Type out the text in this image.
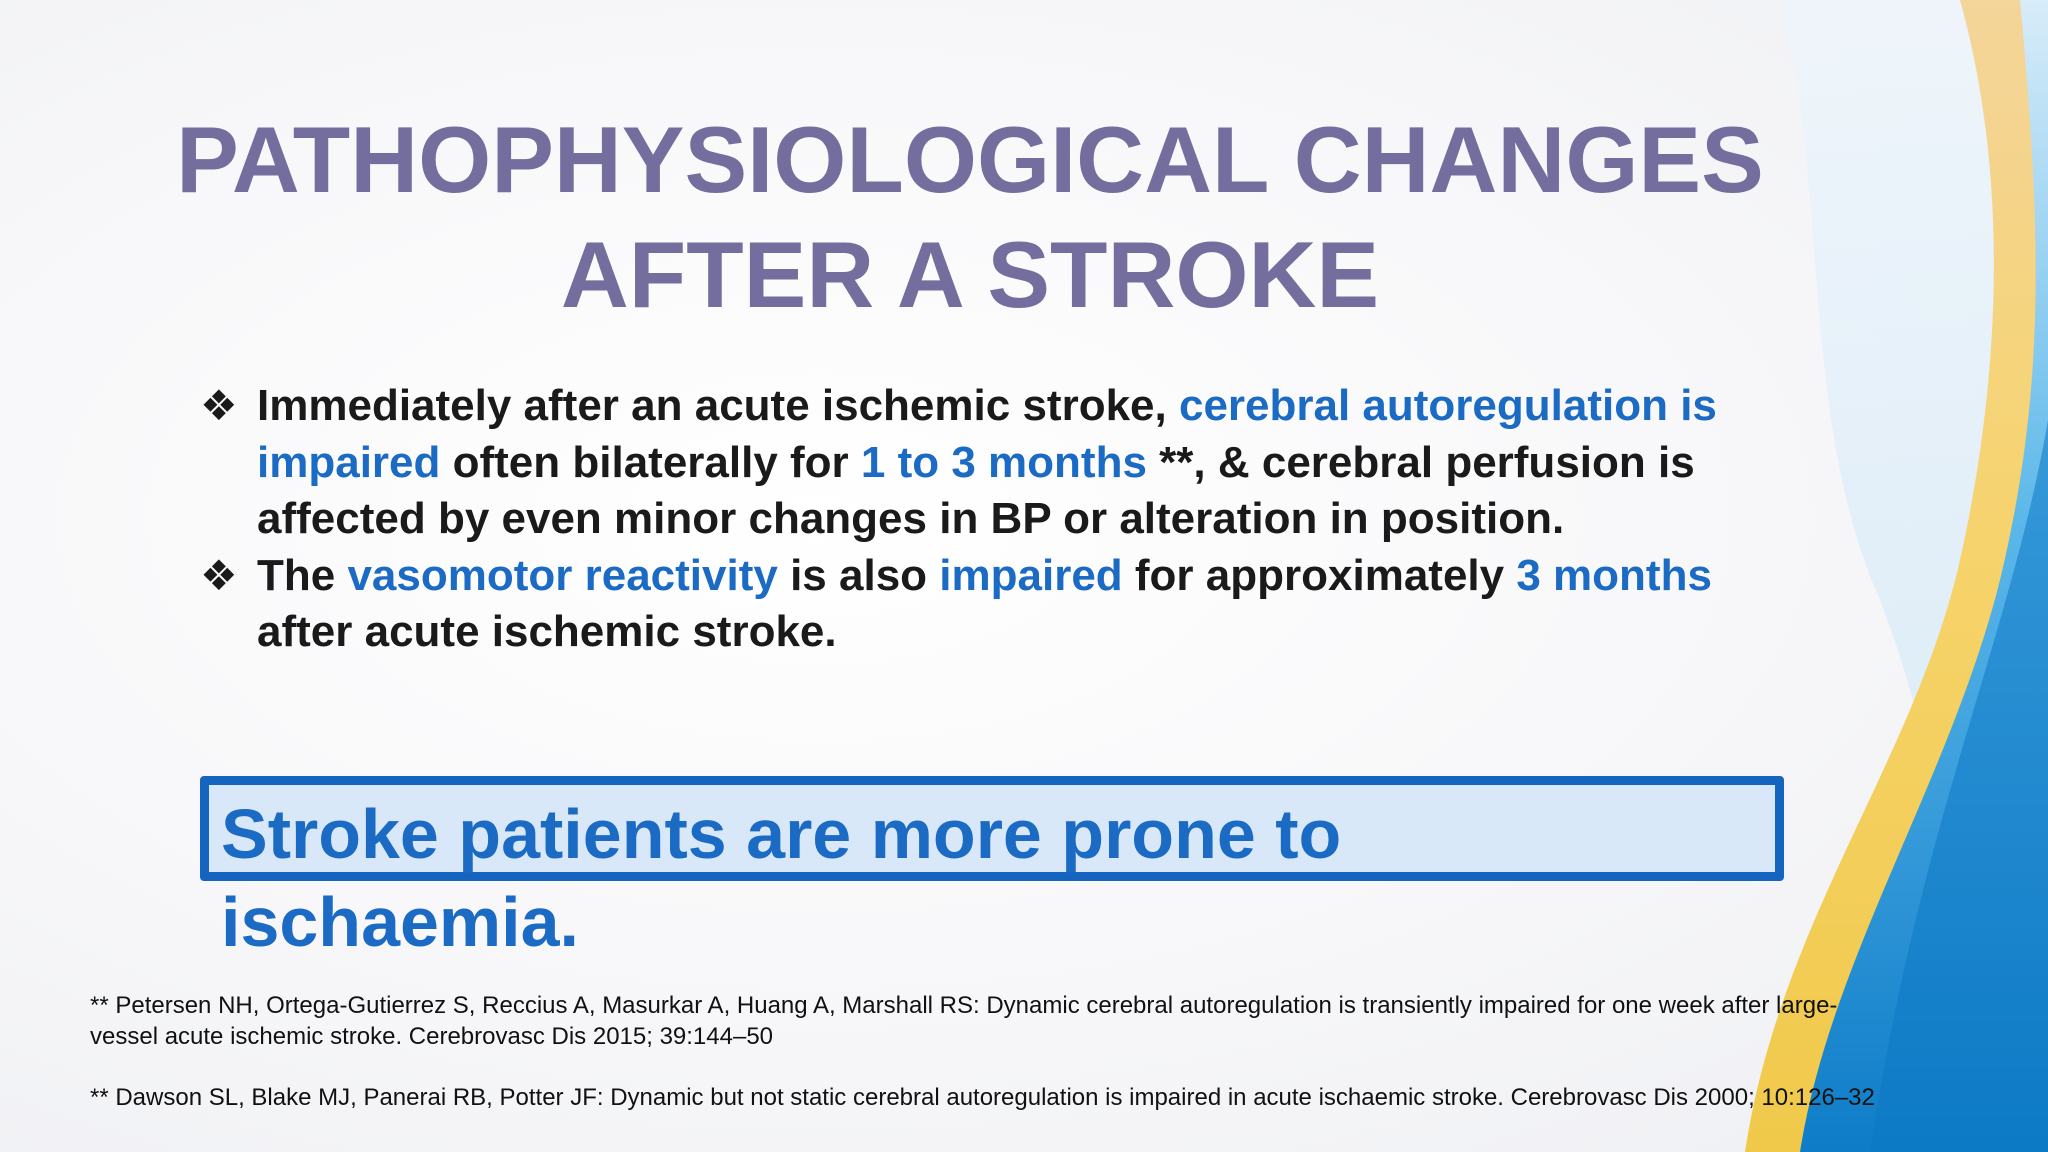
PATHOPHYSIOLOGICAL CHANGES
AFTER A STROKE
❖ Immediately after an acute ischemic stroke, cerebral autoregulation is impaired often bilaterally for 1 to 3 months **, & cerebral perfusion is affected by even minor changes in BP or alteration in position.
❖ The vasomotor reactivity is also impaired for approximately 3 months after acute ischemic stroke.
Stroke patients are more prone to ischaemia.

** Petersen NH, Ortega-Gutierrez S, Reccius A, Masurkar A, Huang A, Marshall RS: Dynamic cerebral autoregulation is transiently impaired for one week after large-vessel acute ischemic stroke. Cerebrovasc Dis 2015; 39:144–50

** Dawson SL, Blake MJ, Panerai RB, Potter JF: Dynamic but not static cerebral autoregulation is impaired in acute ischaemic stroke. Cerebrovasc Dis 2000; 10:126–32
